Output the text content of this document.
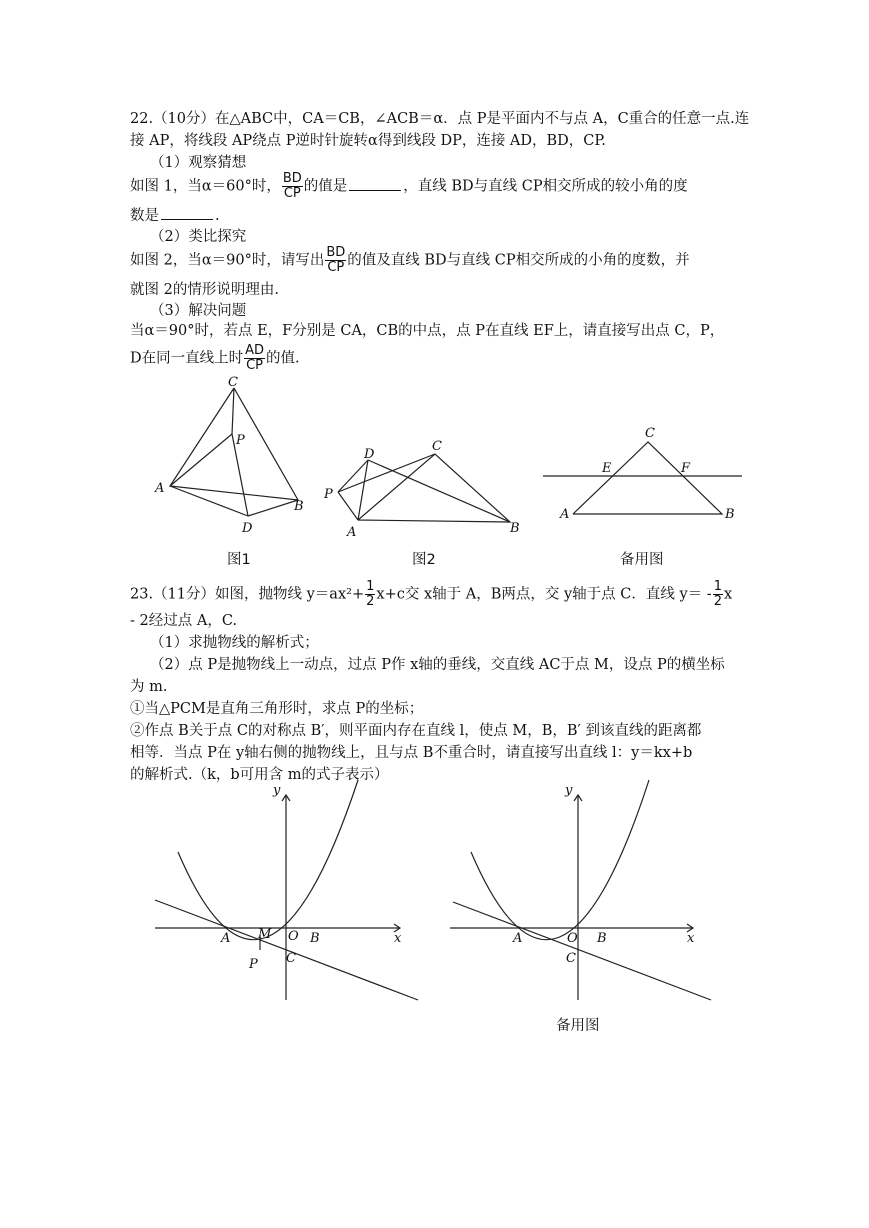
22.（10分）在△ABC中，CA＝CB，∠ACB＝α．点 P是平面内不与点 A，C重合的任意一点.连
接 AP，将线段 AP绕点 P逆时针旋转α得到线段 DP，连接 AD，BD，CP.
（1）观察猜想
如图 1，当α＝60°时， $\frac{BD}{CP}$ 的值是	，直线 BD与直线 CP相交所成的较小角的度
数是	.
（2）类比探究
如图 2，当α＝90°时，请写出 $\frac{BD}{CP}$ 的值及直线 BD与直线 CP相交所成的小角的度数，并
就图 2的情形说明理由.
（3）解决问题
当α＝90°时，若点 E，F分别是 CA，CB的中点，点 P在直线 EF上，请直接写出点 C，P，
D在同一直线上时 $\frac{AD}{CP}$ 的值.
C
P
A
B
D
图1
C
D
P
A	B
图2
C
E	F
A	B
备用图
23.（11分）如图，抛物线 $y=ax^2+ \frac{1}{2} x+c$交 x轴于 A，B两点，交 y轴于点 C．直线 $y= - \frac{1}{2}$ x
- 2经过点 A，C.
（1）求抛物线的解析式；
（2）点 P是抛物线上一动点，过点 P作 x轴的垂线，交直线 AC于点 M，设点 P的横坐标
为 m.
①当△PCM是直角三角形时，求点 P的坐标；
②作点 B关于点 C的对称点 B′，则平面内存在直线 l，使点 M，B，B′ 到该直线的距离都
相等．当点 P在 y轴右侧的抛物线上，且与点 B不重合时，请直接写出直线 l：y＝kx+b
的解析式.（k，b可用含 m的式子表示）
y
x
A M O B
P C
y
x
A	O B
C
备用图
